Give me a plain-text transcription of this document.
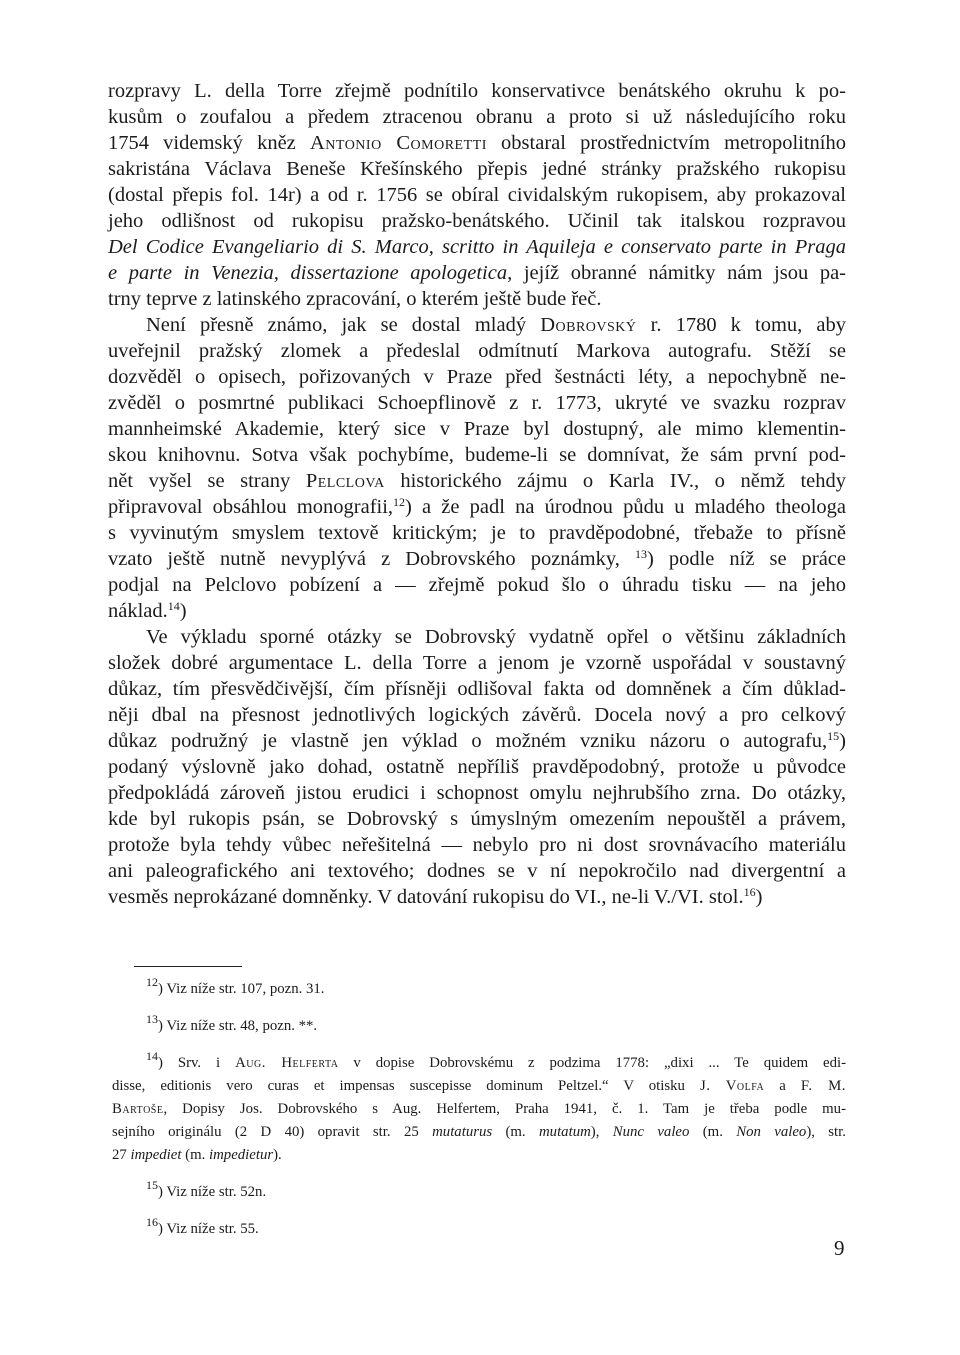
rozpravy L. della Torre zřejmě podnítilo konservativce benátského okruhu k po-
kusům o zoufalou a předem ztracenou obranu a proto si už následujícího roku
1754 videmský kněz Antonio Comoretti obstaral prostřednictvím metropolitního
sakristána Václava Beneše Křešínského přepis jedné stránky pražského rukopisu
(dostal přepis fol. 14r) a od r. 1756 se obíral cividalským rukopisem, aby prokazoval
jeho odlišnost od rukopisu pražsko-benátského. Učinil tak italskou rozpravou
Del Codice Evangeliario di S. Marco, scritto in Aquileja e conservato parte in Praga
e parte in Venezia, dissertazione apologetica, jejíž obranné námitky nám jsou pa-
trny teprve z latinského zpracování, o kterém ještě bude řeč.
Není přesně známo, jak se dostal mladý Dobrovský r. 1780 k tomu, aby
uveřejnil pražský zlomek a předeslal odmítnutí Markova autografu. Stěží se
dozvěděl o opisech, pořizovaných v Praze před šestnácti léty, a nepochybně ne-
zvěděl o posmrtné publikaci Schoepflinově z r. 1773, ukryté ve svazku rozprav
mannheimské Akademie, který sice v Praze byl dostupný, ale mimo klementin-
skou knihovnu. Sotva však pochybíme, budeme-li se domnívat, že sám první pod-
nět vyšel se strany Pelclova historického zájmu o Karla IV., o němž tehdy
připravoval obsáhlou monografii,$^{12}$) a že padl na úrodnou půdu u mladého theologa
s vyvinutým smyslem textově kritickým; je to pravděpodobné, třebaže to přísně
vzato ještě nutně nevyplývá z Dobrovského poznámky, $^{13}$) podle níž se práce
podjal na Pelclovo pobízení a — zřejmě pokud šlo o úhradu tisku — na jeho
náklad.$^{14}$)
Ve výkladu sporné otázky se Dobrovský vydatně opřel o většinu základních
složek dobré argumentace L. della Torre a jenom je vzorně uspořádal v soustavný
důkaz, tím přesvědčivější, čím přísněji odlišoval fakta od domněnek a čím důklad-
něji dbal na přesnost jednotlivých logických závěrů. Docela nový a pro celkový
důkaz podružný je vlastně jen výklad o možném vzniku názoru o autografu,$^{15}$)
podaný výslovně jako dohad, ostatně nepříliš pravděpodobný, protože u původce
předpokládá zároveň jistou erudici i schopnost omylu nejhrubšího zrna. Do otázky,
kde byl rukopis psán, se Dobrovský s úmyslným omezením nepouštěl a právem,
protože byla tehdy vůbec neřešitelná — nebylo pro ni dost srovnávacího materiálu
ani paleografického ani textového; dodnes se v ní nepokročilo nad divergentní a
vesměs neprokázané domněnky. V datování rukopisu do VI., ne-li V./VI. stol.$^{16}$)
$^{12}$) Viz níže str. 107, pozn. 31.
$^{13}$) Viz níže str. 48, pozn. **.
$^{14}$) Srv. i Aug. Helferta v dopise Dobrovskému z podzima 1778: „dixi ... Te quidem edi-
disse, editionis vero curas et impensas suscepisse dominum Peltzel.“ V otisku J. Volfa a F. M.
Bartoše, Dopisy Jos. Dobrovského s Aug. Helfertem, Praha 1941, č. 1. Tam je třeba podle mu-
sejního originálu (2 D 40) opravit str. 25 mutaturus (m. mutatum), Nunc valeo (m. Non valeo), str.
27 impediet (m. impedietur).
$^{15}$) Viz níže str. 52n.
$^{16}$) Viz níže str. 55.
9
